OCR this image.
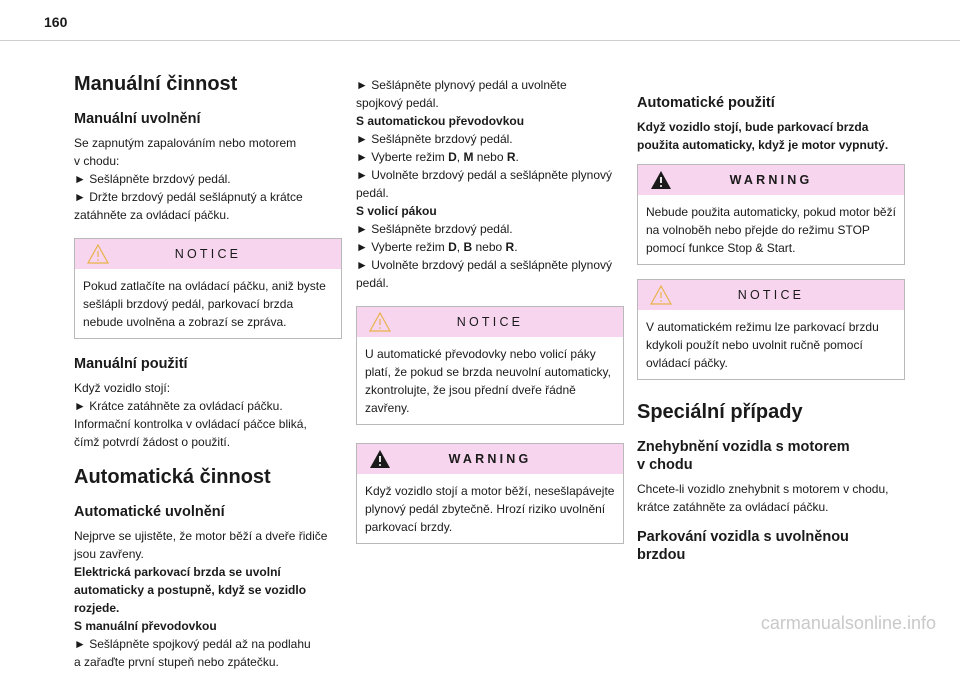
160
Manuální činnost
Manuální uvolnění

Se zapnutým zapalováním nebo motorem
v chodu:
► Sešlápněte brzdový pedál.
► Držte brzdový pedál sešlápnutý a krátce
zatáhněte za ovládací páčku.

NOTICE
Pokud zatlačíte na ovládací páčku, aniž byste sešlápli brzdový pedál, parkovací brzda nebude uvolněna a zobrazí se zpráva.
Manuální použití

Když vozidlo stojí:
► Krátce zatáhněte za ovládací páčku.
Informační kontrolka v ovládací páčce bliká,
čímž potvrdí žádost o použití.

Automatická činnost
Automatické uvolnění

Nejprve se ujistěte, že motor běží a dveře řidiče
jsou zavřeny.
Elektrická parkovací brzda se uvolní
automaticky a postupně, když se vozidlo
rozjede.
S manuální převodovkou
► Sešlápněte spojkový pedál až na podlahu
a zařaďte první stupeň nebo zpátečku.

► Sešlápněte plynový pedál a uvolněte
spojkový pedál.
S automatickou převodovkou
► Sešlápněte brzdový pedál.
► Vyberte režim D, M nebo R.
► Uvolněte brzdový pedál a sešlápněte plynový
pedál.
S volicí pákou
► Sešlápněte brzdový pedál.
► Vyberte režim D, B nebo R.
► Uvolněte brzdový pedál a sešlápněte plynový
pedál.

NOTICE
U automatické převodovky nebo volicí páky platí, že pokud se brzda neuvolní automaticky, zkontrolujte, že jsou přední dveře řádně zavřeny.
WARNING
Když vozidlo stojí a motor běží, nesešlapávejte plynový pedál zbytečně. Hrozí riziko uvolnění parkovací brzdy.
Automatické použití

Když vozidlo stojí, bude parkovací brzda
použita automaticky, když je motor vypnutý.

WARNING
Nebude použita automaticky, pokud motor běží na volnoběh nebo přejde do režimu STOP pomocí funkce Stop & Start.
NOTICE
V automatickém režimu lze parkovací brzdu kdykoli použít nebo uvolnit ručně pomocí ovládací páčky.
Speciální případy
Znehybnění vozidla s motorem
v chodu

Chcete-li vozidlo znehybnit s motorem v chodu,
krátce zatáhněte za ovládací páčku.

Parkování vozidla s uvolněnou
brzdou
carmanualsonline.info
